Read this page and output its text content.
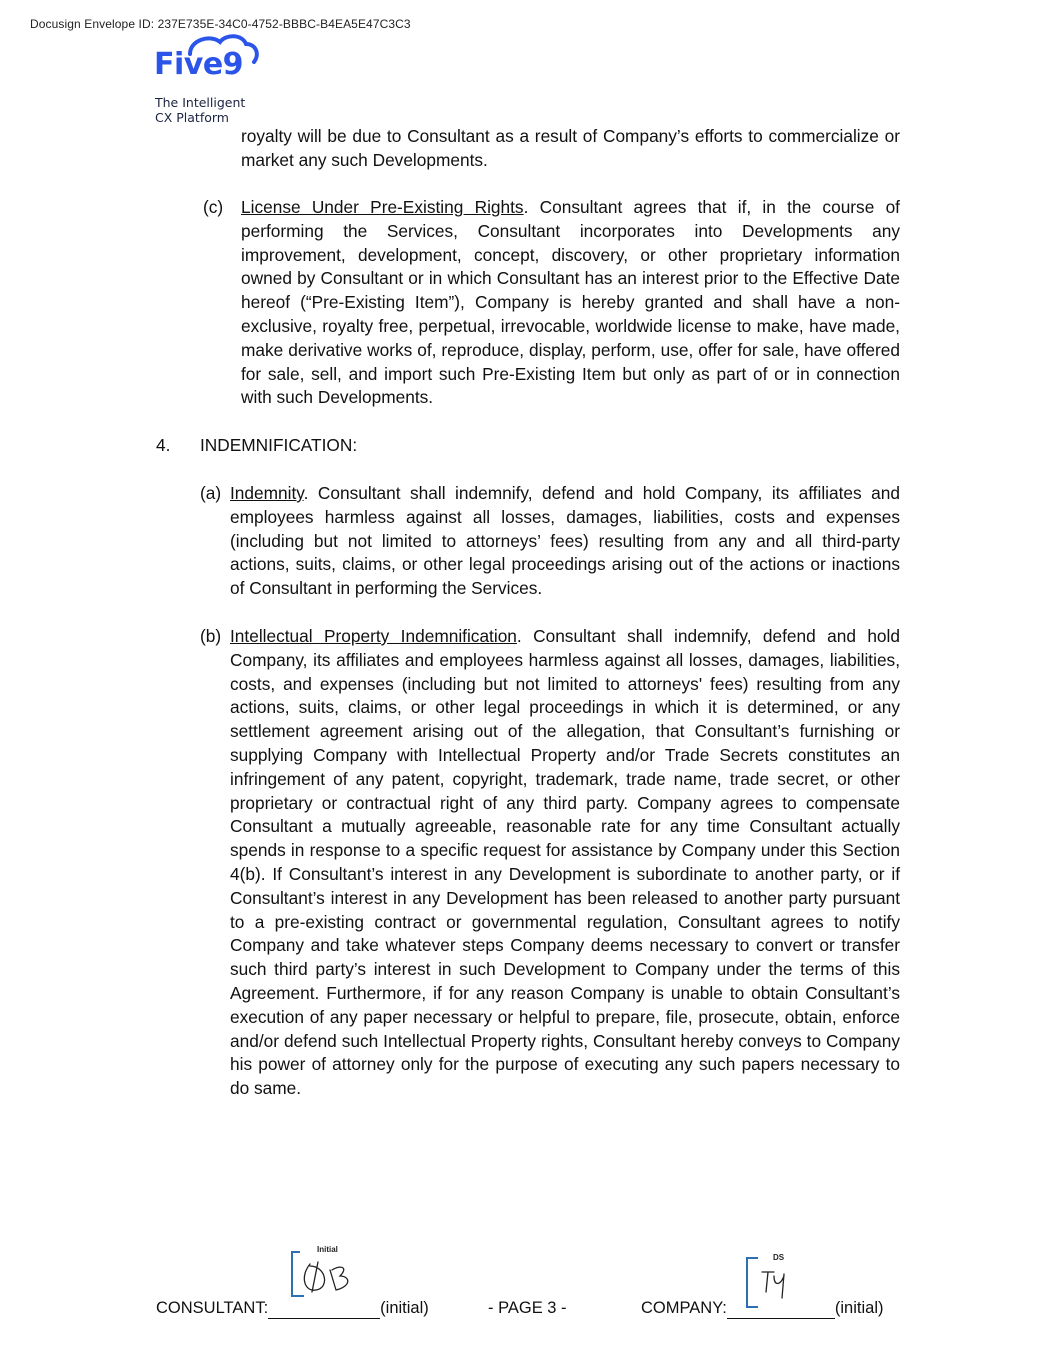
Docusign Envelope ID: 237E735E-34C0-4752-BBBC-B4EA5E47C3C3
Five9
The Intelligent
CX Platform

royalty will be due to Consultant as a result of Company’s efforts to commercialize or market any such Developments.

(c) License Under Pre-Existing Rights. Consultant agrees that if, in the course of performing the Services, Consultant incorporates into Developments any improvement, development, concept, discovery, or other proprietary information owned by Consultant or in which Consultant has an interest prior to the Effective Date hereof (“Pre-Existing Item”), Company is hereby granted and shall have a non-exclusive, royalty free, perpetual, irrevocable, worldwide license to make, have made, make derivative works of, reproduce, display, perform, use, offer for sale, have offered for sale, sell, and import such Pre-Existing Item but only as part of or in connection with such Developments.

4. INDEMNIFICATION:
(a) Indemnity. Consultant shall indemnify, defend and hold Company, its affiliates and employees harmless against all losses, damages, liabilities, costs and expenses (including but not limited to attorneys’ fees) resulting from any and all third-party actions, suits, claims, or other legal proceedings arising out of the actions or inactions of Consultant in performing the Services.

(b) Intellectual Property Indemnification. Consultant shall indemnify, defend and hold Company, its affiliates and employees harmless against all losses, damages, liabilities, costs, and expenses (including but not limited to attorneys' fees) resulting from any actions, suits, claims, or other legal proceedings in which it is determined, or any settlement agreement arising out of the allegation, that Consultant’s furnishing or supplying Company with Intellectual Property and/or Trade Secrets constitutes an infringement of any patent, copyright, trademark, trade name, trade secret, or other proprietary or contractual right of any third party. Company agrees to compensate Consultant a mutually agreeable, reasonable rate for any time Consultant actually spends in response to a specific request for assistance by Company under this Section 4(b). If Consultant’s interest in any Development is subordinate to another party, or if Consultant’s interest in any Development has been released to another party pursuant to a pre-existing contract or governmental regulation, Consultant agrees to notify Company and take whatever steps Company deems necessary to convert or transfer such third party’s interest in such Development to Company under the terms of this Agreement. Furthermore, if for any reason Company is unable to obtain Consultant’s execution of any paper necessary or helpful to prepare, file, prosecute, obtain, enforce and/or defend such Intellectual Property rights, Consultant hereby conveys to Company his power of attorney only for the purpose of executing any such papers necessary to do same.

Initial
DS
CONSULTANT:	(initial)	- PAGE 3 -	COMPANY:	(initial)
